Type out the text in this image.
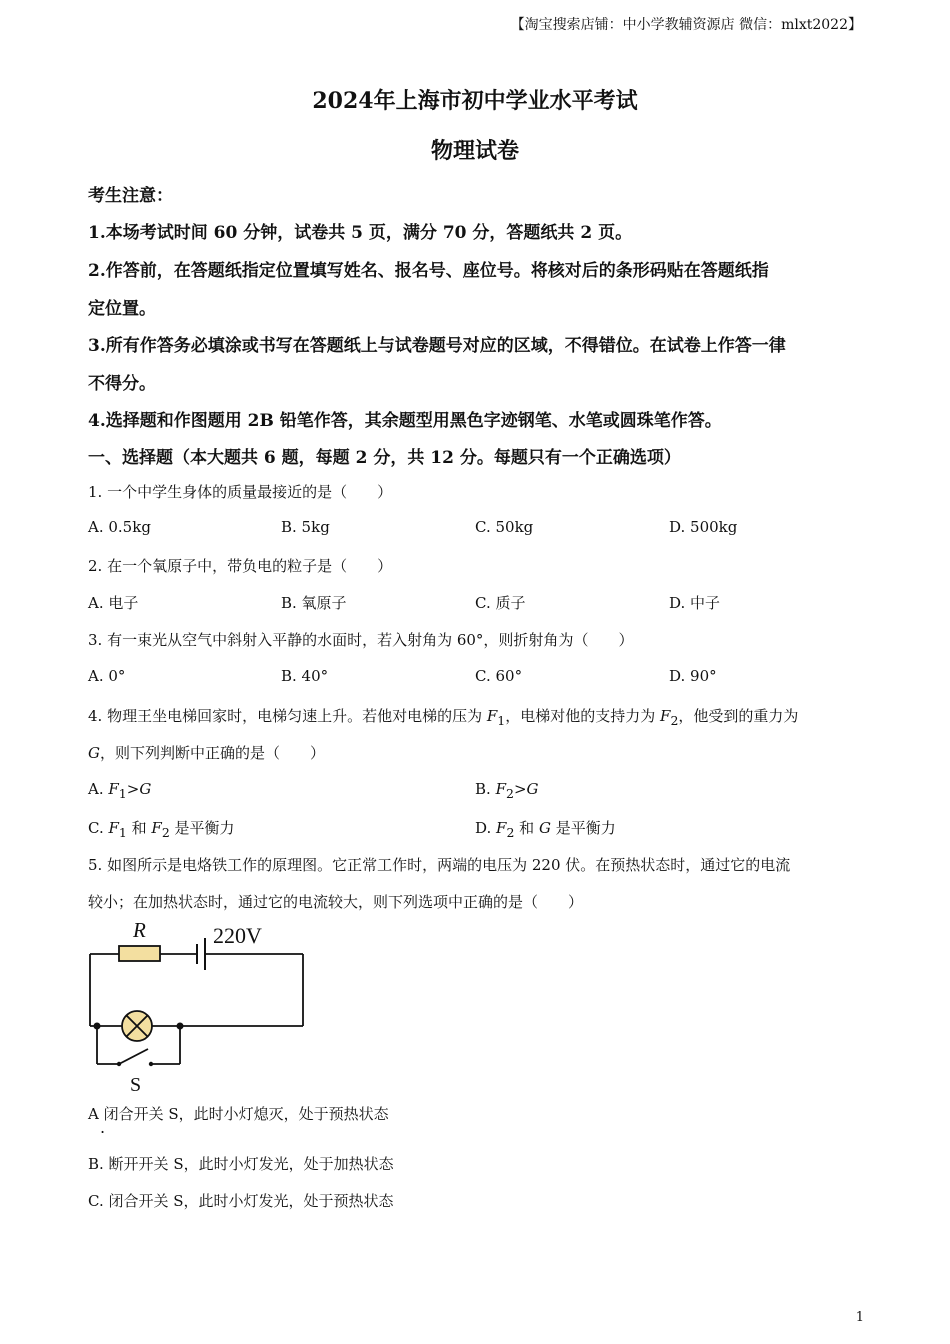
【淘宝搜索店铺：中小学教辅资源店 微信：mlxt2022】
2024年上海市初中学业水平考试
物理试卷
考生注意：
1.本场考试时间 60 分钟，试卷共 5 页，满分 70 分，答题纸共 2 页。
2.作答前，在答题纸指定位置填写姓名、报名号、座位号。将核对后的条形码贴在答题纸指
定位置。
3.所有作答务必填涂或书写在答题纸上与试卷题号对应的区域，不得错位。在试卷上作答一律
不得分。
4.选择题和作图题用 2B 铅笔作答，其余题型用黑色字迹钢笔、水笔或圆珠笔作答。
一、选择题（本大题共 6 题，每题 2 分，共 12 分。每题只有一个正确选项）
1. 一个中学生身体的质量最接近的是（　　）
A. 0.5kg	B. 5kg	C. 50kg	D. 500kg
2. 在一个氧原子中，带负电的粒子是（　　）
A. 电子	B. 氧原子	C. 质子	D. 中子
3. 有一束光从空气中斜射入平静的水面时，若入射角为 60°，则折射角为（　　）
A. 0°	B. 40°	C. 60°	D. 90°
4. 物理王坐电梯回家时，电梯匀速上升。若他对电梯的压为 $F_1$，电梯对他的支持力为 $F_2$，他受到的重力为
G，则下列判断中正确的是（　　）
A. $F_1>G$	B. $F_2>G$
C. $F_1$ 和 $F_2$ 是平衡力	D. $F_2$ 和 G 是平衡力
5. 如图所示是电烙铁工作的原理图。它正常工作时，两端的电压为 220 伏。在预热状态时，通过它的电流
较小；在加热状态时，通过它的电流较大，则下列选项中正确的是（　　）
R	220V
S
A 闭合开关 S，此时小灯熄灭，处于预热状态
.
B. 断开开关 S，此时小灯发光，处于加热状态
C. 闭合开关 S，此时小灯发光，处于预热状态
1
